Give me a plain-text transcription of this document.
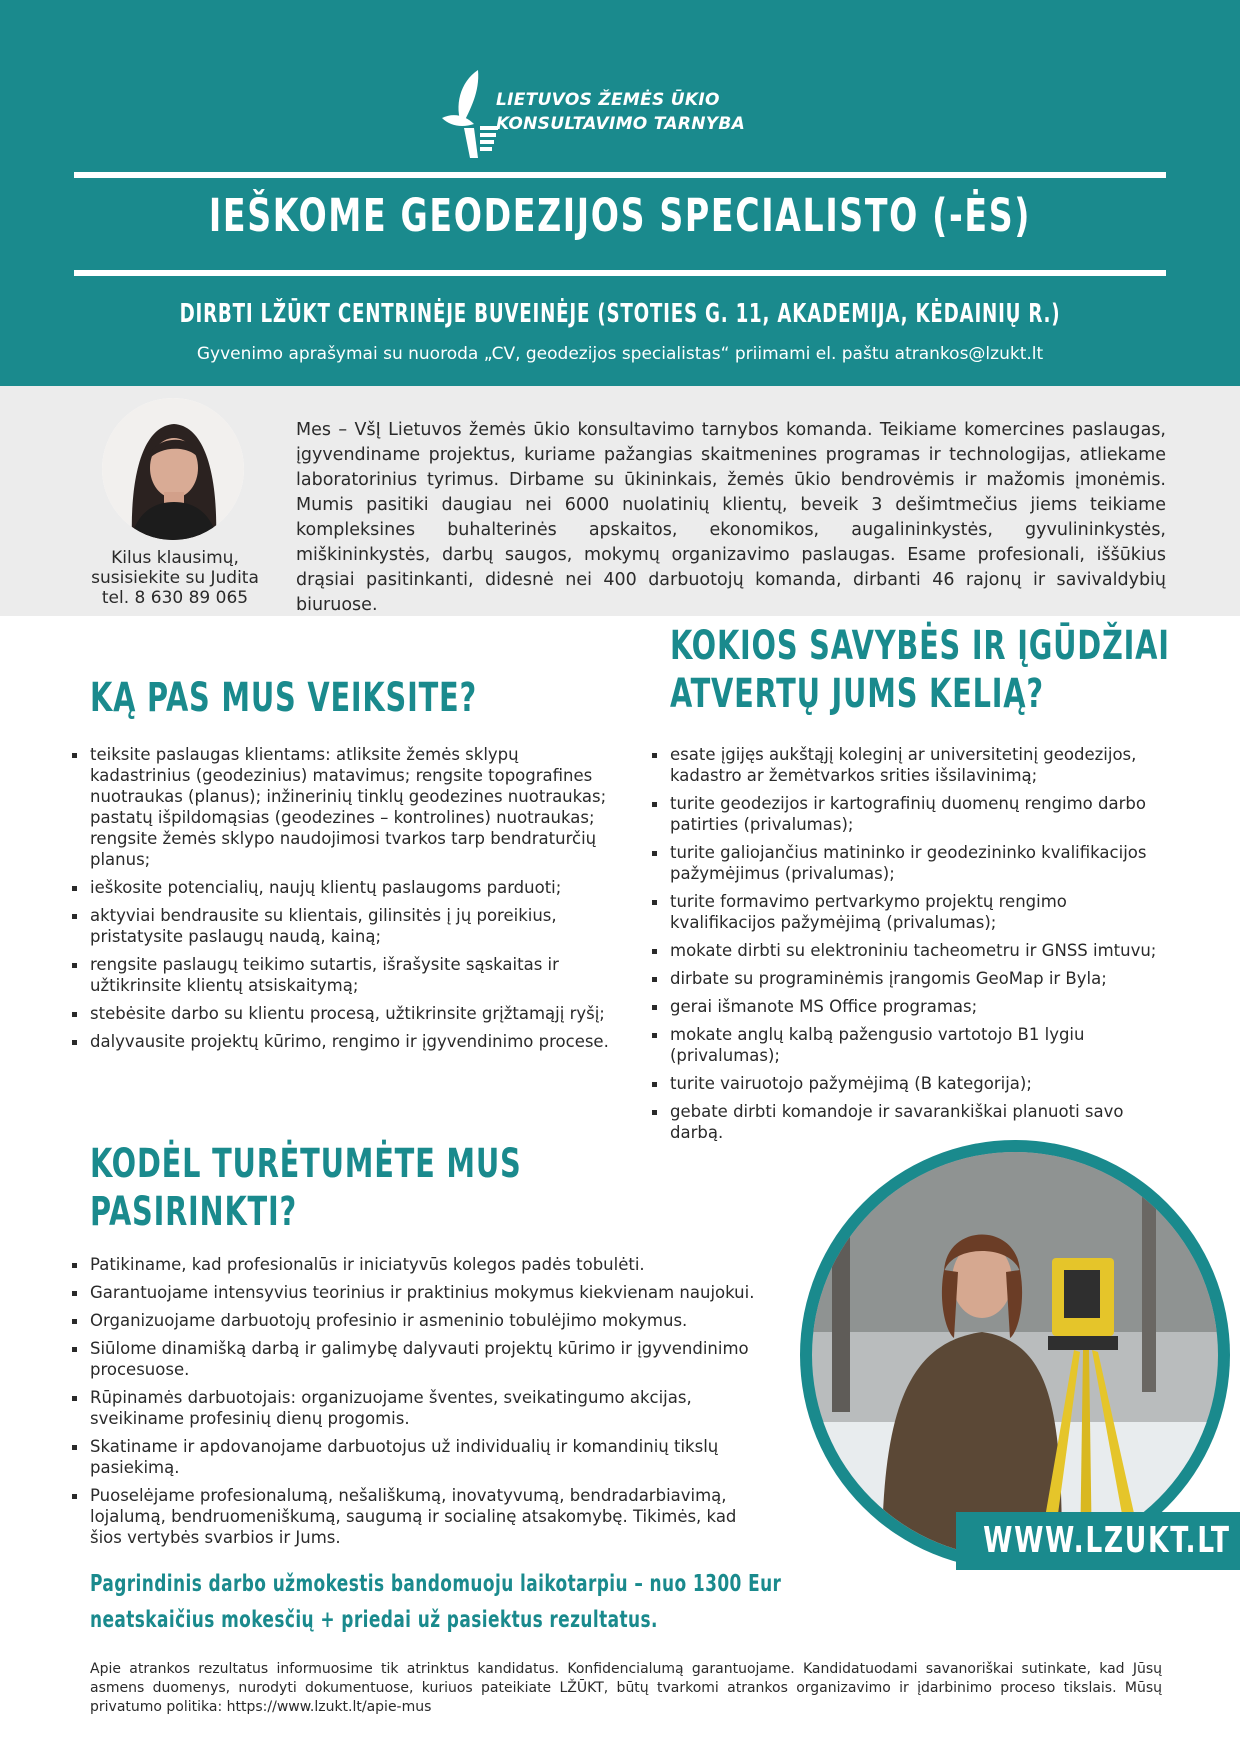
LIETUVOS ŽEMĖS ŪKIO
KONSULTAVIMO TARNYBA
IEŠKOME GEODEZIJOS SPECIALISTO (-ĖS)
DIRBTI LŽŪKT CENTRINĖJE BUVEINĖJE (STOTIES G. 11, AKADEMIJA, KĖDAINIŲ R.)
Gyvenimo aprašymai su nuoroda „CV, geodezijos specialistas“ priimami el. paštu atrankos@lzukt.lt
Kilus klausimų,
susisiekite su Judita
tel. 8 630 89 065
Mes – VšĮ Lietuvos žemės ūkio konsultavimo tarnybos komanda. Teikiame komercines paslaugas, įgyvendiname projektus, kuriame pažangias skaitmenines programas ir technologijas, atliekame laboratorinius tyrimus. Dirbame su ūkininkais, žemės ūkio bendrovėmis ir mažomis įmonėmis. Mumis pasitiki daugiau nei 6000 nuolatinių klientų, beveik 3 dešimtmečius jiems teikiame kompleksines buhalterinės apskaitos, ekonomikos, augalininkystės, gyvulininkystės, miškininkystės, darbų saugos, mokymų organizavimo paslaugas. Esame profesionali, iššūkius drąsiai pasitinkanti, didesnė nei 400 darbuotojų komanda, dirbanti 46 rajonų ir savivaldybių biuruose.
KĄ PAS MUS VEIKSITE?
teiksite paslaugas klientams: atliksite žemės sklypų kadastrinius (geodezinius) matavimus; rengsite topografines nuotraukas (planus); inžinerinių tinklų geodezines nuotraukas; pastatų išpildomąsias (geodezines – kontrolines) nuotraukas; rengsite žemės sklypo naudojimosi tvarkos tarp bendraturčių planus;
ieškosite potencialių, naujų klientų paslaugoms parduoti;
aktyviai bendrausite su klientais, gilinsitės į jų poreikius, pristatysite paslaugų naudą, kainą;
rengsite paslaugų teikimo sutartis, išrašysite sąskaitas ir užtikrinsite klientų atsiskaitymą;
stebėsite darbo su klientu procesą, užtikrinsite grįžtamąjį ryšį;
dalyvausite projektų kūrimo, rengimo ir įgyvendinimo procese.
KOKIOS SAVYBĖS IR ĮGŪDŽIAI
ATVERTŲ JUMS KELIĄ?
esate įgijęs aukštąjį koleginį ar universitetinį geodezijos, kadastro ar žemėtvarkos srities išsilavinimą;
turite geodezijos ir kartografinių duomenų rengimo darbo patirties (privalumas);
turite galiojančius matininko ir geodezininko kvalifikacijos pažymėjimus (privalumas);
turite formavimo pertvarkymo projektų rengimo kvalifikacijos pažymėjimą (privalumas);
mokate dirbti su elektroniniu tacheometru ir GNSS imtuvu;
dirbate su programinėmis įrangomis GeoMap ir Byla;
gerai išmanote MS Office programas;
mokate anglų kalbą pažengusio vartotojo B1 lygiu (privalumas);
turite vairuotojo pažymėjimą (B kategorija);
gebate dirbti komandoje ir savarankiškai planuoti savo darbą.
KODĖL TURĖTUMĖTE MUS
PASIRINKTI?
Patikiname, kad profesionalūs ir iniciatyvūs kolegos padės tobulėti.
Garantuojame intensyvius teorinius ir praktinius mokymus kiekvienam naujokui.
Organizuojame darbuotojų profesinio ir asmeninio tobulėjimo mokymus.
Siūlome dinamišką darbą ir galimybę dalyvauti projektų kūrimo ir įgyvendinimo procesuose.
Rūpinamės darbuotojais: organizuojame šventes, sveikatingumo akcijas, sveikiname profesinių dienų progomis.
Skatiname ir apdovanojame darbuotojus už individualių ir komandinių tikslų pasiekimą.
Puoselėjame profesionalumą, nešališkumą, inovatyvumą, bendradarbiavimą, lojalumą, bendruomeniškumą, saugumą ir socialinę atsakomybę. Tikimės, kad šios vertybės svarbios ir Jums.	WWW.LZUKT.LT
Pagrindinis darbo užmokestis bandomuoju laikotarpiu – nuo 1300 Eur
neatskaičius mokesčių + priedai už pasiektus rezultatus.
Apie atrankos rezultatus informuosime tik atrinktus kandidatus. Konfidencialumą garantuojame. Kandidatuodami savanoriškai sutinkate, kad Jūsų asmens duomenys, nurodyti dokumentuose, kuriuos pateikiate LŽŪKT, būtų tvarkomi atrankos organizavimo ir įdarbinimo proceso tikslais. Mūsų privatumo politika: https://www.lzukt.lt/apie-mus
